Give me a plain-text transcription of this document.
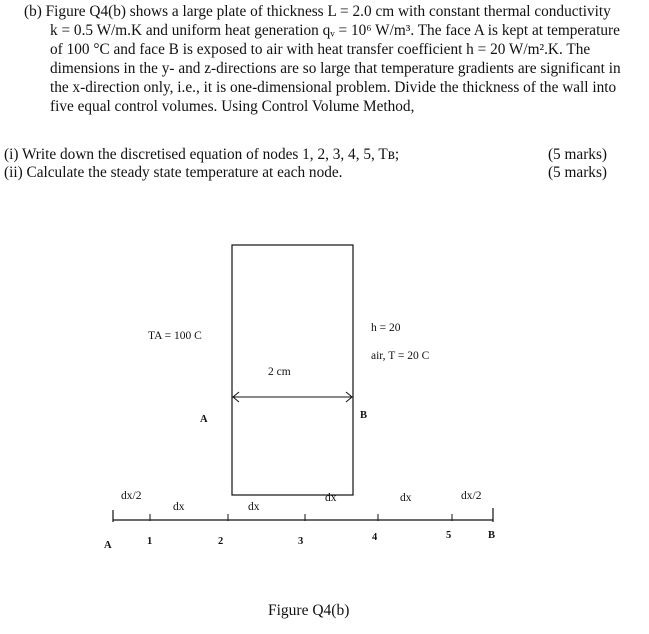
(b) Figure Q4(b) shows a large plate of thickness L = 2.0 cm with constant thermal conductivity
k = 0.5 W/m.K and uniform heat generation qᵥ = 10⁶ W/m³. The face A is kept at temperature
of 100 °C and face B is exposed to air with heat transfer coefficient h = 20 W/m².K. The
dimensions in the y- and z-directions are so large that temperature gradients are significant in
the x-direction only, i.e., it is one-dimensional problem. Divide the thickness of the wall into
five equal control volumes. Using Control Volume Method,
(i) Write down the discretised equation of nodes 1, 2, 3, 4, 5, Tʙ;	(5 marks)
(ii) Calculate the steady state temperature at each node.	(5 marks)
TA = 100 C
h = 20
air, T = 20 C
2 cm
A	B
dx/2
dx	dx
dx	dx	dx/2
A	1	2	3	4	5	B
Figure Q4(b)
